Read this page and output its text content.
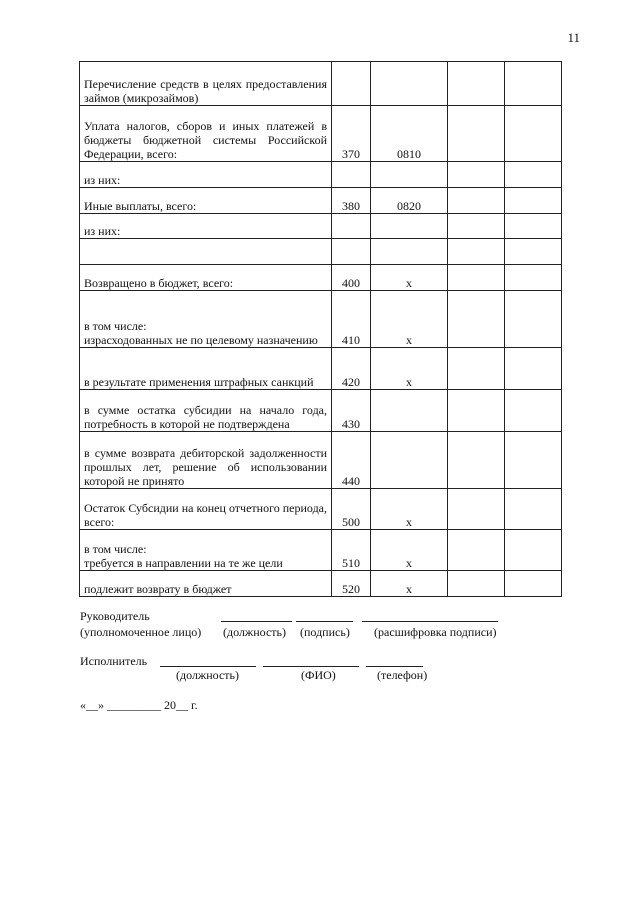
11
Перечисление средств в целях предоставления займов (микрозаймов)				
Уплата налогов, сборов и иных платежей в бюджеты бюджетной системы Российской Федерации, всего:	370	0810		
из них:				
Иные выплаты, всего:	380	0820		
из них:				

Возвращено в бюджет, всего:	400	x		
в том числе:
израсходованных не по целевому назначению	410	x		
в результате применения штрафных санкций	420	x		
в сумме остатка субсидии на начало года, потребность в которой не подтверждена	430			
в сумме возврата дебиторской задолженности прошлых лет, решение об использовании которой не принято	440			
Остаток Субсидии на конец отчетного периода, всего:	500	x		
в том числе:
требуется в направлении на те же цели	510	x		
подлежит возврату в бюджет	520	x		
Руководитель
(уполномоченное лицо) (должность) (подпись) (расшифровка подписи)
Исполнитель
(должность)	(ФИО)	(телефон)
«__» _________ 20__ г.
